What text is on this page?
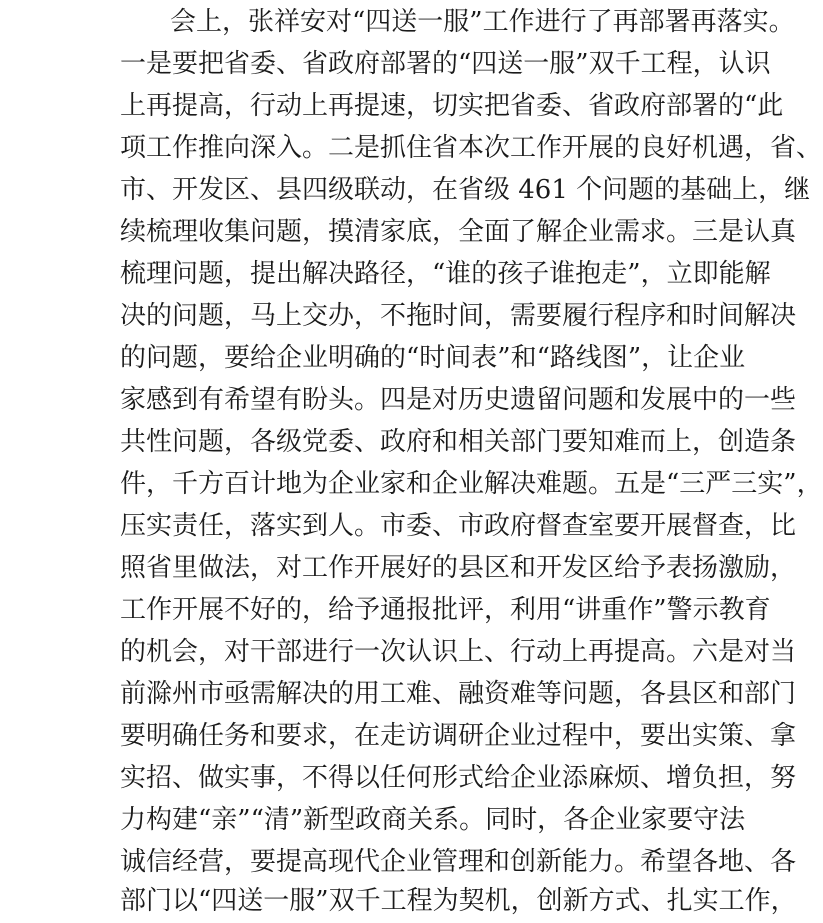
会上，张祥安对“四送一服”工作进行了再部署再落实。
一是要把省委、省政府部署的“四送一服”双千工程，认识
上再提高，行动上再提速，切实把省委、省政府部署的“此
项工作推向深入。二是抓住省本次工作开展的良好机遇，省、
市、开发区、县四级联动，在省级 461 个问题的基础上，继
续梳理收集问题，摸清家底，全面了解企业需求。三是认真
梳理问题，提出解决路径，“谁的孩子谁抱走”，立即能解
决的问题，马上交办，不拖时间，需要履行程序和时间解决
的问题，要给企业明确的“时间表”和“路线图”，让企业
家感到有希望有盼头。四是对历史遗留问题和发展中的一些
共性问题，各级党委、政府和相关部门要知难而上，创造条
件，千方百计地为企业家和企业解决难题。五是“三严三实”，
压实责任，落实到人。市委、市政府督查室要开展督查，比
照省里做法，对工作开展好的县区和开发区给予表扬激励，
工作开展不好的，给予通报批评，利用“讲重作”警示教育
的机会，对干部进行一次认识上、行动上再提高。六是对当
前滁州市亟需解决的用工难、融资难等问题，各县区和部门
要明确任务和要求，在走访调研企业过程中，要出实策、拿
实招、做实事，不得以任何形式给企业添麻烦、增负担，努
力构建“亲”“清”新型政商关系。同时，各企业家要守法
诚信经营，要提高现代企业管理和创新能力。希望各地、各
部门以“四送一服”双千工程为契机，创新方式、扎实工作，
